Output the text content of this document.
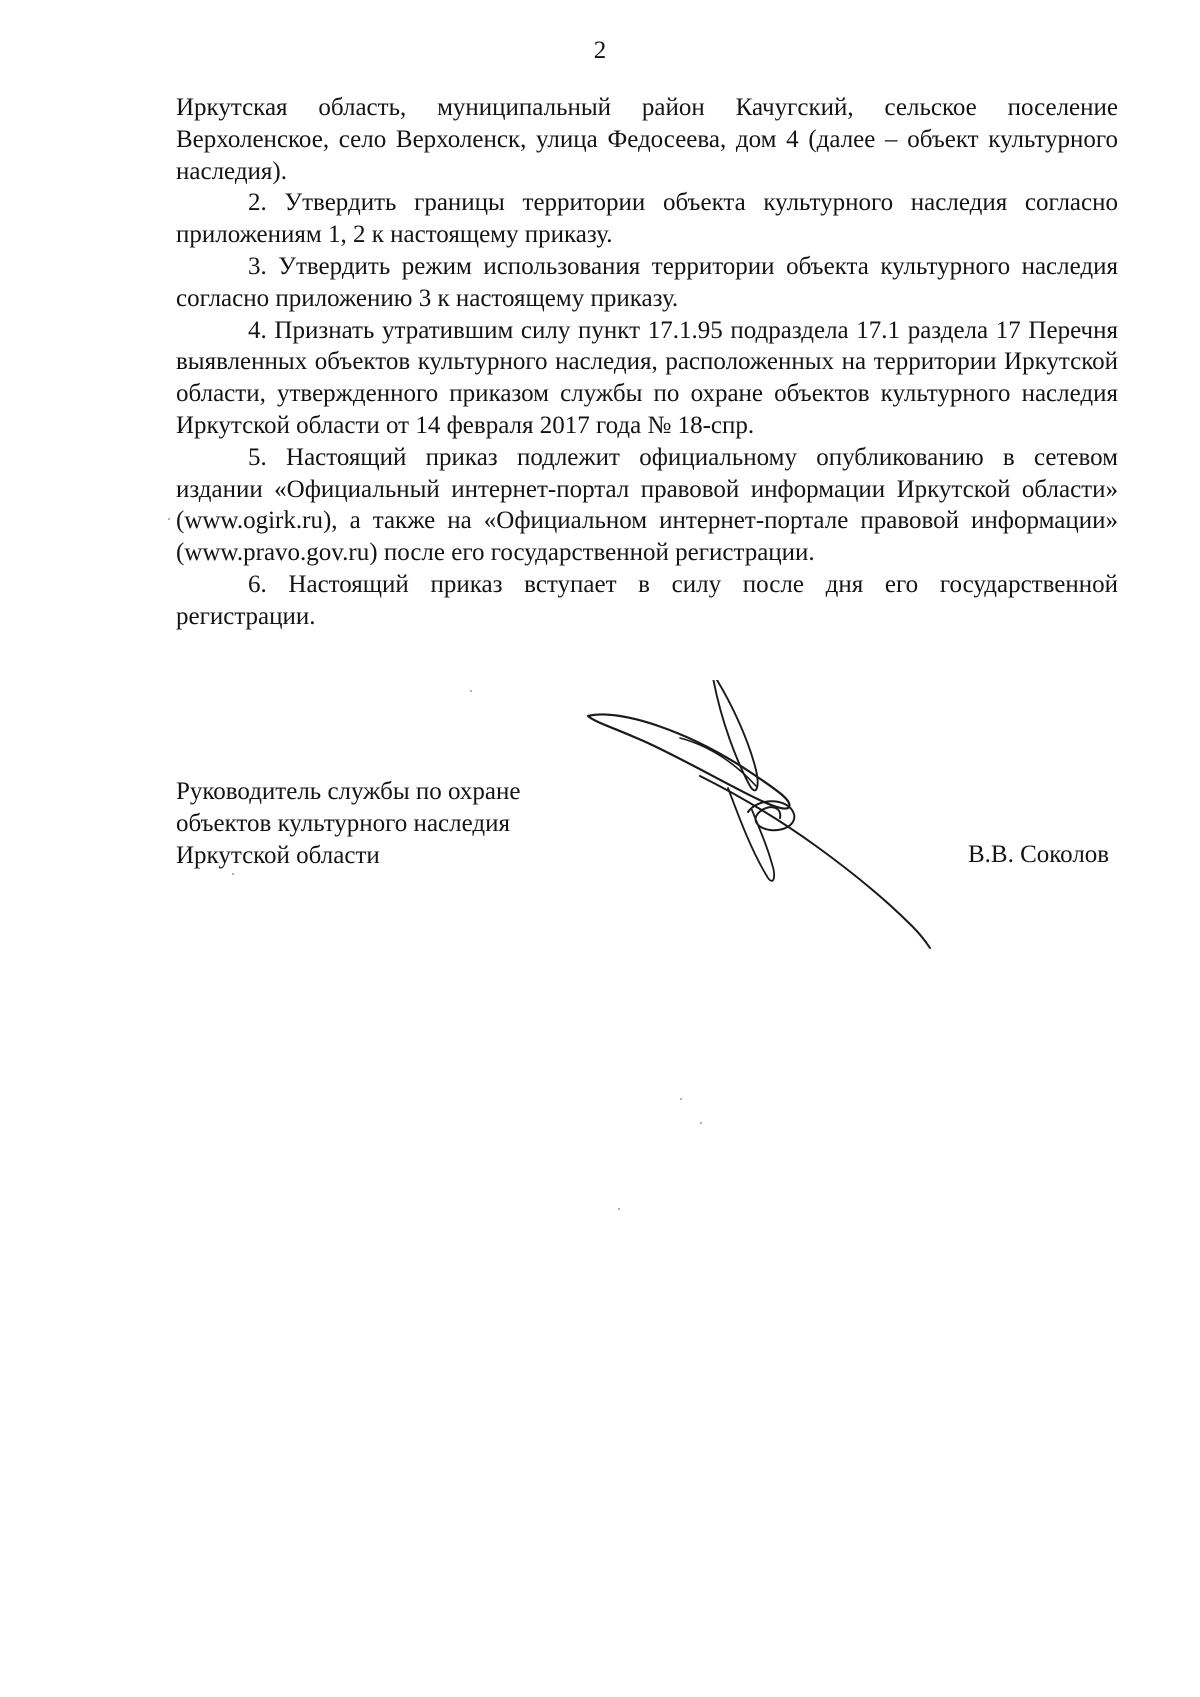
2

Иркутская область, муниципальный район Качугский, сельское поселение Верхоленское, село Верхоленск, улица Федосеева, дом 4 (далее – объект культурного наследия).

2. Утвердить границы территории объекта культурного наследия согласно приложениям 1, 2 к настоящему приказу.

3. Утвердить режим использования территории объекта культурного наследия согласно приложению 3 к настоящему приказу.

4. Признать утратившим силу пункт 17.1.95 подраздела 17.1 раздела 17 Перечня выявленных объектов культурного наследия, расположенных на территории Иркутской области, утвержденного приказом службы по охране объектов культурного наследия Иркутской области от 14 февраля 2017 года № 18-спр.

5. Настоящий приказ подлежит официальному опубликованию в сетевом издании «Официальный интернет-портал правовой информации Иркутской области» (www.ogirk.ru), а также на «Официальном интернет-портале правовой информации» (www.pravo.gov.ru) после его государственной регистрации.

6. Настоящий приказ вступает в силу после дня его государственной регистрации.

Руководитель службы по охране
объектов культурного наследия
Иркутской области	В.В. Соколов
